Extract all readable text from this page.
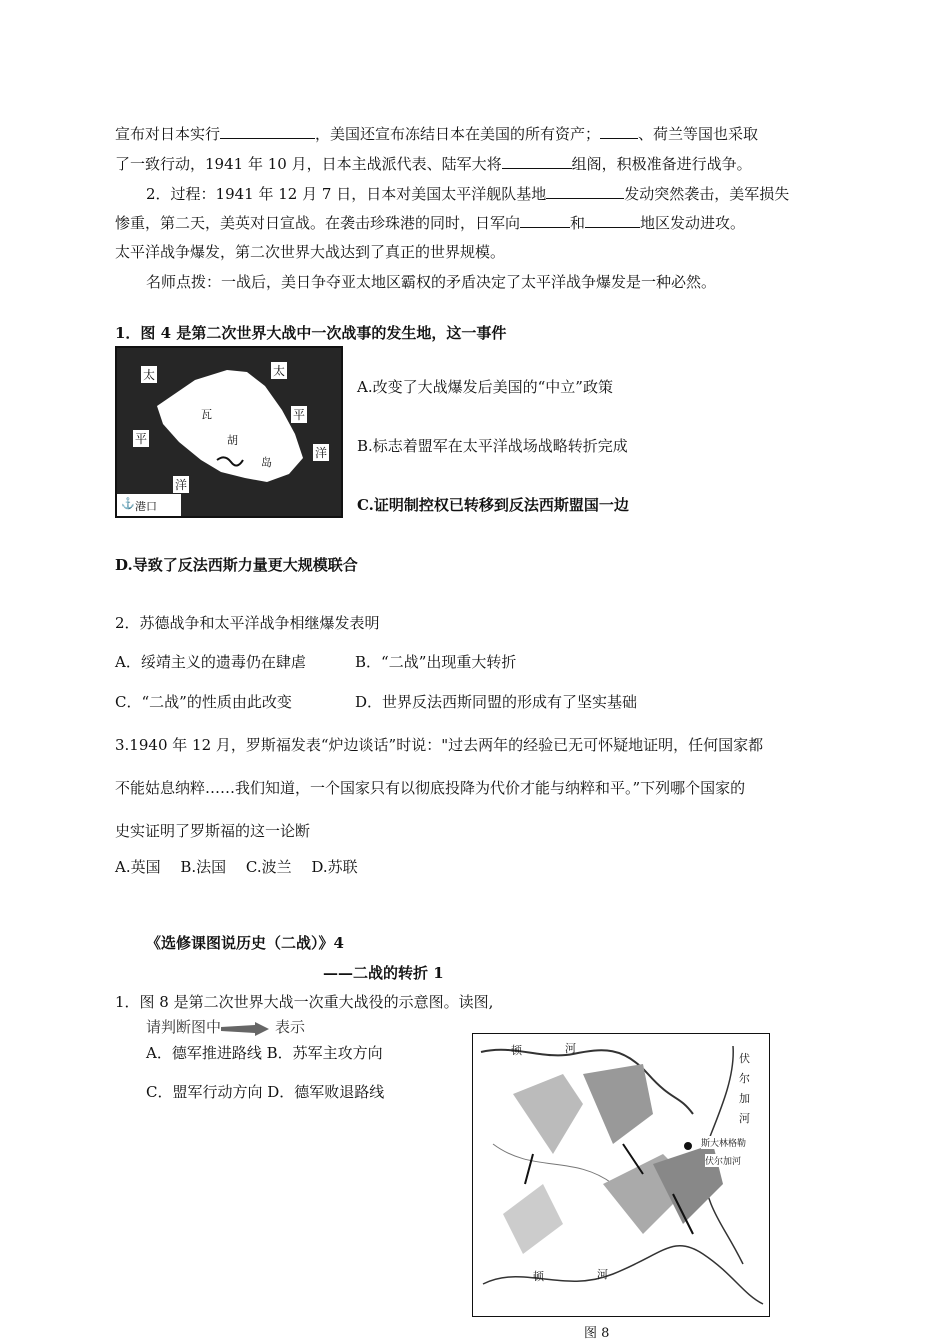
宣布对日本实行	，美国还宣布冻结日本在美国的所有资产；	、荷兰等国也采取
了一致行动，1941 年 10 月，日本主战派代表、陆军大将	组阁，积极准备进行战争。
2．过程：1941 年 12 月 7 日，日本对美国太平洋舰队基地	发动突然袭击，美军损失
惨重，第二天，美英对日宣战。在袭击珍珠港的同时，日军向	和	地区发动进攻。
太平洋战争爆发，第二次世界大战达到了真正的世界规模。
名师点拨：一战后，美日争夺亚太地区霸权的矛盾决定了太平洋战争爆发是一种必然。
1．图 4 是第二次世界大战中一次战事的发生地，这一事件
太	太
平
平
洋
洋
瓦
胡
岛
⚓ 港口
A.改变了大战爆发后美国的“中立”政策
B.标志着盟军在太平洋战场战略转折完成
C.证明制控权已转移到反法西斯盟国一边
D.导致了反法西斯力量更大规模联合
2．苏德战争和太平洋战争相继爆发表明
A．绥靖主义的遗毒仍在肆虐	B．“二战”出现重大转折
C．“二战”的性质由此改变	D．世界反法西斯同盟的形成有了坚实基础
3.1940 年 12 月，罗斯福发表“炉边谈话”时说："过去两年的经验已无可怀疑地证明，任何国家都
不能姑息纳粹……我们知道，一个国家只有以彻底投降为代价才能与纳粹和平。”下列哪个国家的
史实证明了罗斯福的这一论断
A.英国　 B.法国　 C.波兰　 D.苏联
《选修课图说历史（二战）》4
——二战的转折 1
1．图 8 是第二次世界大战一次重大战役的示意图。读图,
请判断图中	表示
A．德军推进路线 B．苏军主攻方向
C．盟军行动方向 D．德军败退路线
顿	河
伏
尔
加
河
斯大林格勒
伏尔加河
顿	河
图 8
